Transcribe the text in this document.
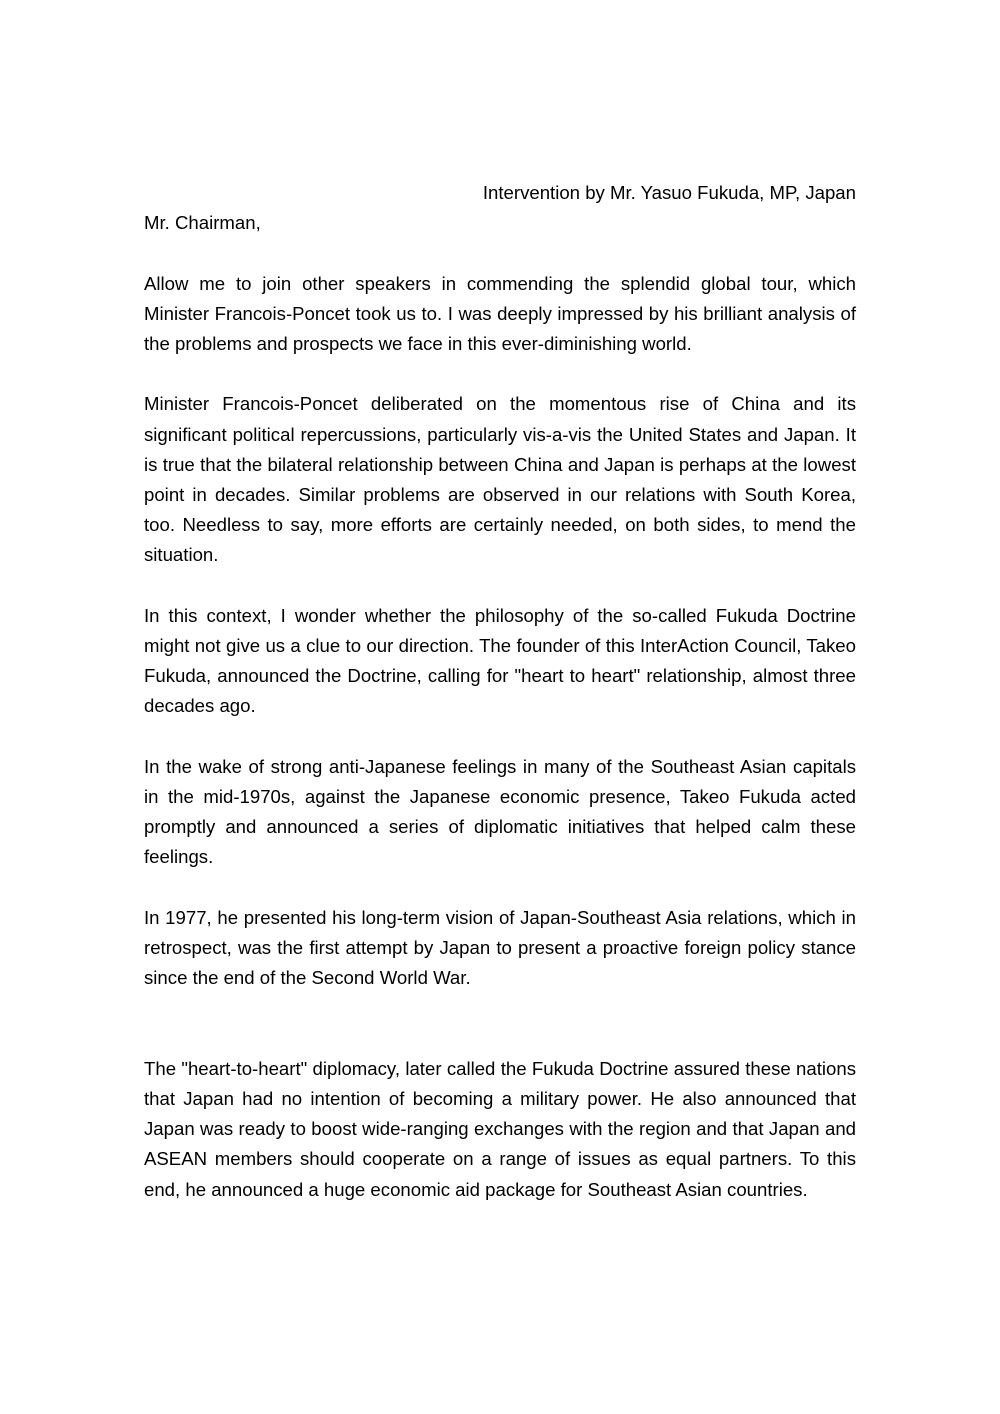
Intervention by Mr. Yasuo Fukuda, MP, Japan

Mr. Chairman,

Allow me to join other speakers in commending the splendid global tour, which Minister Francois-Poncet took us to. I was deeply impressed by his brilliant analysis of the problems and prospects we face in this ever-diminishing world.

Minister Francois-Poncet deliberated on the momentous rise of China and its significant political repercussions, particularly vis-a-vis the United States and Japan. It is true that the bilateral relationship between China and Japan is perhaps at the lowest point in decades. Similar problems are observed in our relations with South Korea, too. Needless to say, more efforts are certainly needed, on both sides, to mend the situation.

In this context, I wonder whether the philosophy of the so-called Fukuda Doctrine might not give us a clue to our direction. The founder of this InterAction Council, Takeo Fukuda, announced the Doctrine, calling for "heart to heart" relationship, almost three decades ago.

In the wake of strong anti-Japanese feelings in many of the Southeast Asian capitals in the mid-1970s, against the Japanese economic presence, Takeo Fukuda acted promptly and announced a series of diplomatic initiatives that helped calm these feelings.

In 1977, he presented his long-term vision of Japan-Southeast Asia relations, which in retrospect, was the first attempt by Japan to present a proactive foreign policy stance since the end of the Second World War.

The "heart-to-heart" diplomacy, later called the Fukuda Doctrine assured these nations that Japan had no intention of becoming a military power. He also announced that Japan was ready to boost wide-ranging exchanges with the region and that Japan and ASEAN members should cooperate on a range of issues as equal partners. To this end, he announced a huge economic aid package for Southeast Asian countries.
